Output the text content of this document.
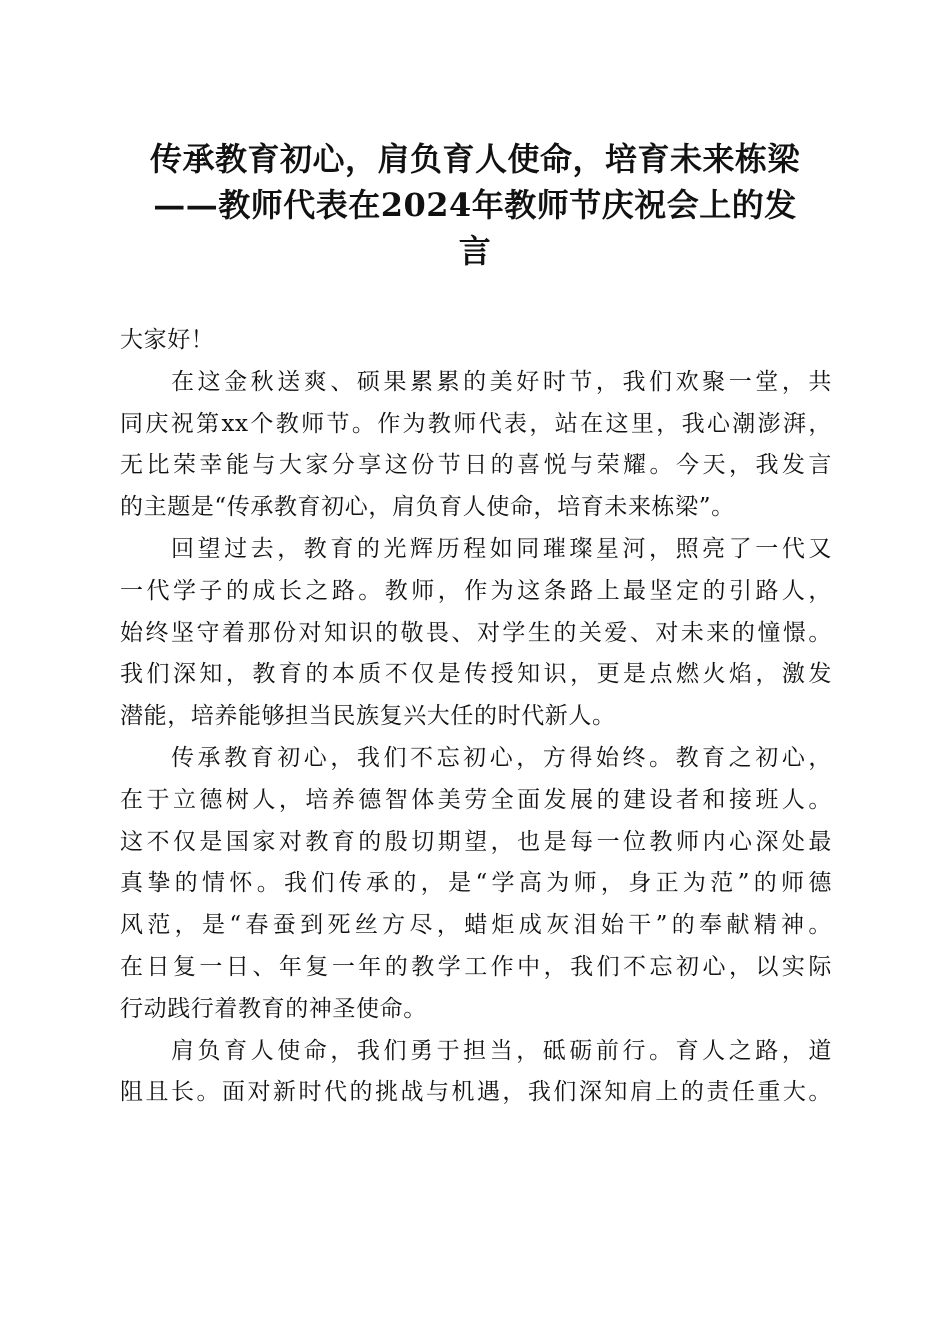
传承教育初心，肩负育人使命，培育未来栋梁
——教师代表在2024年教师节庆祝会上的发
言
大家好！
在这金秋送爽、硕果累累的美好时节，我们欢聚一堂，共
同庆祝第xx个教师节。作为教师代表，站在这里，我心潮澎湃，
无比荣幸能与大家分享这份节日的喜悦与荣耀。今天，我发言
的主题是“传承教育初心，肩负育人使命，培育未来栋梁”。
回望过去，教育的光辉历程如同璀璨星河，照亮了一代又
一代学子的成长之路。教师，作为这条路上最坚定的引路人，
始终坚守着那份对知识的敬畏、对学生的关爱、对未来的憧憬。
我们深知，教育的本质不仅是传授知识，更是点燃火焰，激发
潜能，培养能够担当民族复兴大任的时代新人。
传承教育初心，我们不忘初心，方得始终。教育之初心，
在于立德树人，培养德智体美劳全面发展的建设者和接班人。
这不仅是国家对教育的殷切期望，也是每一位教师内心深处最
真挚的情怀。我们传承的，是“学高为师，身正为范”的师德
风范，是“春蚕到死丝方尽，蜡炬成灰泪始干”的奉献精神。
在日复一日、年复一年的教学工作中，我们不忘初心，以实际
行动践行着教育的神圣使命。
肩负育人使命，我们勇于担当，砥砺前行。育人之路，道
阻且长。面对新时代的挑战与机遇，我们深知肩上的责任重大。
